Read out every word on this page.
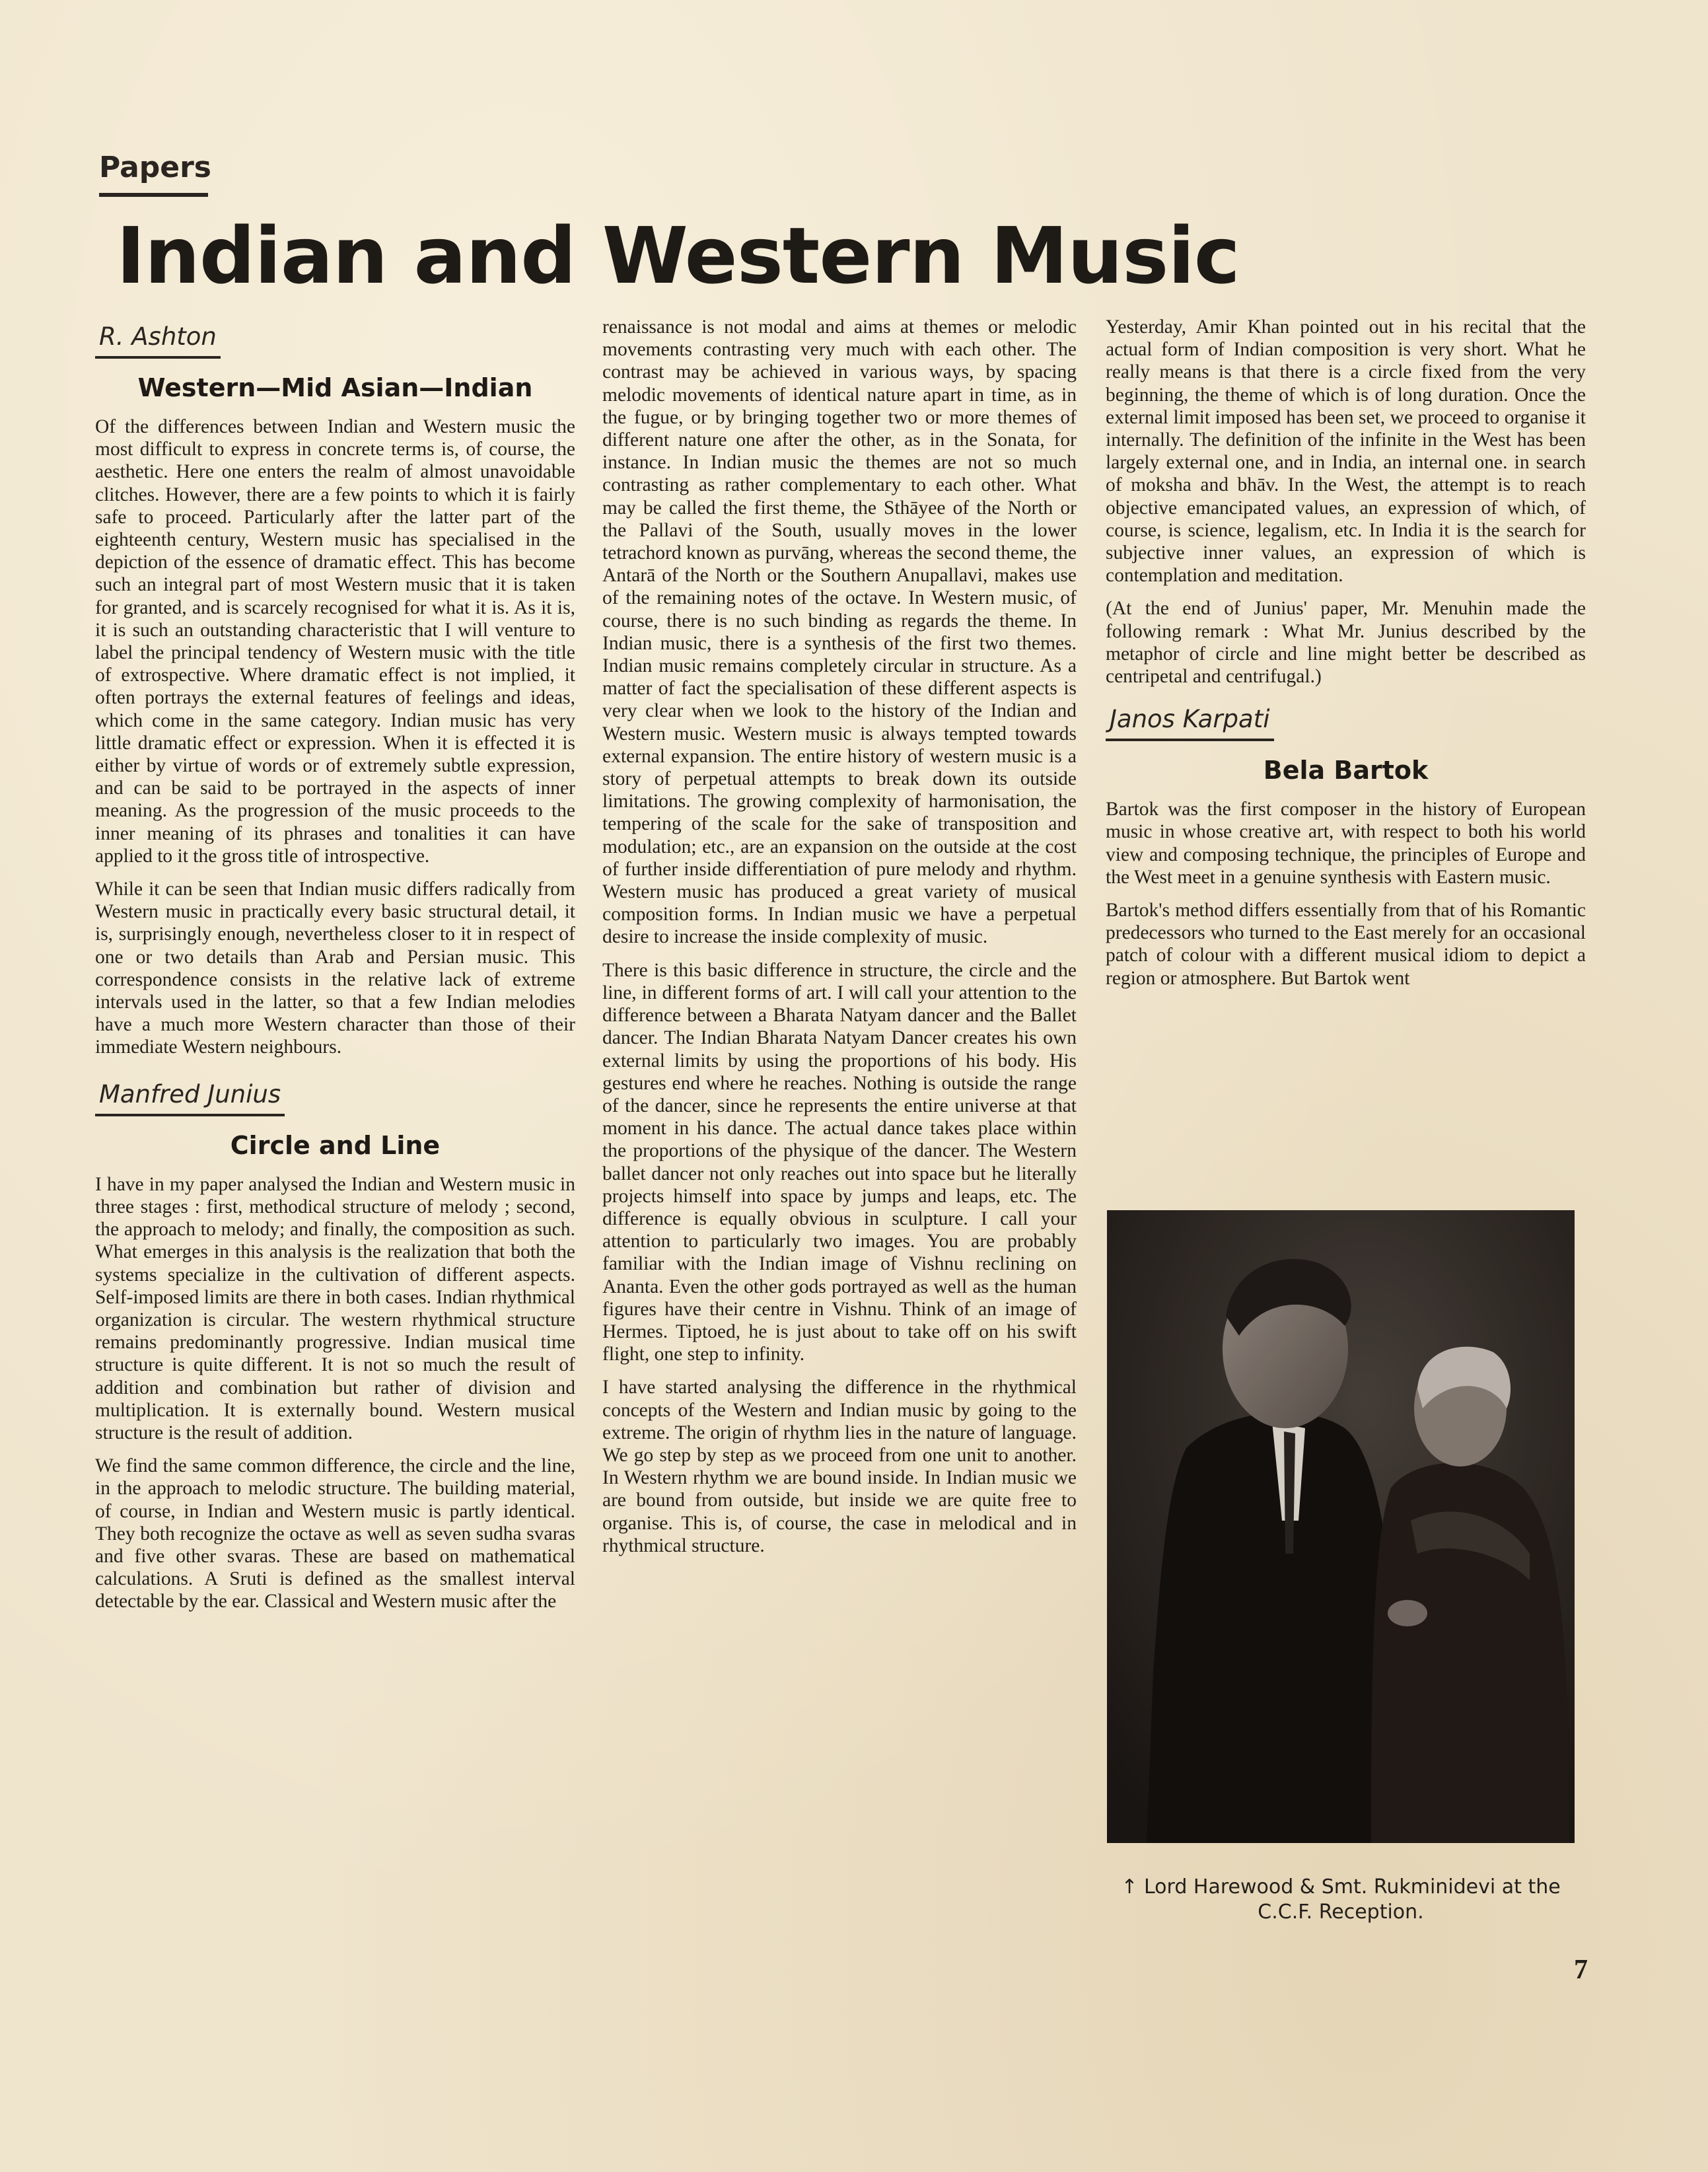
Papers
Indian and Western Music
R. Ashton
Western—Mid Asian—Indian

Of the differences between Indian and Western music the most difficult to express in concrete terms is, of course, the aesthetic. Here one enters the realm of almost unavoidable clitches. However, there are a few points to which it is fairly safe to proceed. Particularly after the latter part of the eighteenth century, Western music has specialised in the depiction of the essence of dramatic effect. This has become such an integral part of most Western music that it is taken for granted, and is scarcely recognised for what it is. As it is, it is such an outstanding characteristic that I will venture to label the principal tendency of Western music with the title of extrospective. Where dramatic effect is not implied, it often portrays the external features of feelings and ideas, which come in the same category. Indian music has very little dramatic effect or expression. When it is effected it is either by virtue of words or of extremely subtle expression, and can be said to be portrayed in the aspects of inner meaning. As the progression of the music proceeds to the inner meaning of its phrases and tonalities it can have applied to it the gross title of introspective.

While it can be seen that Indian music differs radically from Western music in practically every basic structural detail, it is, surprisingly enough, nevertheless closer to it in respect of one or two details than Arab and Persian music. This correspondence consists in the relative lack of extreme intervals used in the latter, so that a few Indian melodies have a much more Western character than those of their immediate Western neighbours.

Manfred Junius
Circle and Line

I have in my paper analysed the Indian and Western music in three stages : first, methodical structure of melody ; second, the approach to melody; and finally, the composition as such. What emerges in this analysis is the realization that both the systems specialize in the cultivation of different aspects. Self-imposed limits are there in both cases. Indian rhythmical organization is circular. The western rhythmical structure remains predominantly progressive. Indian musical time structure is quite different. It is not so much the result of addition and combination but rather of division and multiplication. It is externally bound. Western musical structure is the result of addition.

We find the same common difference, the circle and the line, in the approach to melodic structure. The building material, of course, in Indian and Western music is partly identical. They both recognize the octave as well as seven sudha svaras and five other svaras. These are based on mathematical calculations. A Sruti is defined as the smallest interval detectable by the ear. Classical and Western music after the

renaissance is not modal and aims at themes or melodic movements contrasting very much with each other. The contrast may be achieved in various ways, by spacing melodic movements of identical nature apart in time, as in the fugue, or by bringing together two or more themes of different nature one after the other, as in the Sonata, for instance. In Indian music the themes are not so much contrasting as rather complementary to each other. What may be called the first theme, the Sthāyee of the North or the Pallavi of the South, usually moves in the lower tetrachord known as purvāng, whereas the second theme, the Antarā of the North or the Southern Anupallavi, makes use of the remaining notes of the octave. In Western music, of course, there is no such binding as regards the theme. In Indian music, there is a synthesis of the first two themes. Indian music remains completely circular in structure. As a matter of fact the specialisation of these different aspects is very clear when we look to the history of the Indian and Western music. Western music is always tempted towards external expansion. The entire history of western music is a story of perpetual attempts to break down its outside limitations. The growing complexity of harmonisation, the tempering of the scale for the sake of transposition and modulation; etc., are an expansion on the outside at the cost of further inside differentiation of pure melody and rhythm. Western music has produced a great variety of musical composition forms. In Indian music we have a perpetual desire to increase the inside complexity of music.

There is this basic difference in structure, the circle and the line, in different forms of art. I will call your attention to the difference between a Bharata Natyam dancer and the Ballet dancer. The Indian Bharata Natyam Dancer creates his own external limits by using the proportions of his body. His gestures end where he reaches. Nothing is outside the range of the dancer, since he represents the entire universe at that moment in his dance. The actual dance takes place within the proportions of the physique of the dancer. The Western ballet dancer not only reaches out into space but he literally projects himself into space by jumps and leaps, etc. The difference is equally obvious in sculpture. I call your attention to particularly two images. You are probably familiar with the Indian image of Vishnu reclining on Ananta. Even the other gods portrayed as well as the human figures have their centre in Vishnu. Think of an image of Hermes. Tiptoed, he is just about to take off on his swift flight, one step to infinity.

I have started analysing the difference in the rhythmical concepts of the Western and Indian music by going to the extreme. The origin of rhythm lies in the nature of language. We go step by step as we proceed from one unit to another. In Western rhythm we are bound inside. In Indian music we are bound from outside, but inside we are quite free to organise. This is, of course, the case in melodical and in rhythmical structure.

Yesterday, Amir Khan pointed out in his recital that the actual form of Indian composition is very short. What he really means is that there is a circle fixed from the very beginning, the theme of which is of long duration. Once the external limit imposed has been set, we proceed to organise it internally. The definition of the infinite in the West has been largely external one, and in India, an internal one. in search of moksha and bhāv. In the West, the attempt is to reach objective emancipated values, an expression of which, of course, is science, legalism, etc. In India it is the search for subjective inner values, an expression of which is contemplation and meditation.

(At the end of Junius' paper, Mr. Menuhin made the following remark : What Mr. Junius described by the metaphor of circle and line might better be described as centripetal and centrifugal.)

Janos Karpati
Bela Bartok

Bartok was the first composer in the history of European music in whose creative art, with respect to both his world view and composing technique, the principles of Europe and the West meet in a genuine synthesis with Eastern music.

Bartok's method differs essentially from that of his Romantic predecessors who turned to the East merely for an occasional patch of colour with a different musical idiom to depict a region or atmosphere. But Bartok went

↑ Lord Harewood & Smt. Rukminidevi at the C.C.F. Reception.
7
